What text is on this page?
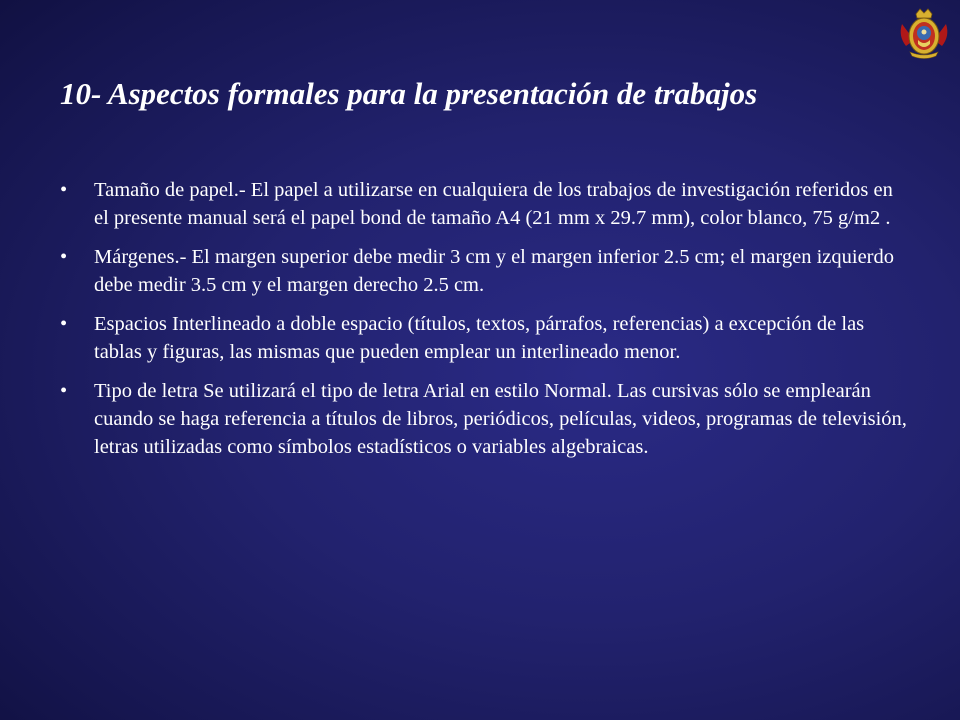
10- Aspectos formales para la presentación de trabajos
•	Tamaño de papel.- El papel a utilizarse en cualquiera de los trabajos de investigación referidos en el presente manual será el papel bond de tamaño A4 (21 mm x 29.7 mm), color blanco, 75 g/m2 .
•	Márgenes.- El margen superior debe medir 3 cm y el margen inferior 2.5 cm; el margen izquierdo debe medir 3.5 cm y el margen derecho 2.5 cm.
•	Espacios Interlineado a doble espacio (títulos, textos, párrafos, referencias) a excepción de las tablas y figuras, las mismas que pueden emplear un interlineado menor.
•	Tipo de letra Se utilizará el tipo de letra Arial en estilo Normal. Las cursivas sólo se emplearán cuando se haga referencia a títulos de libros, periódicos, películas, videos, programas de televisión, letras utilizadas como símbolos estadísticos o variables algebraicas.
